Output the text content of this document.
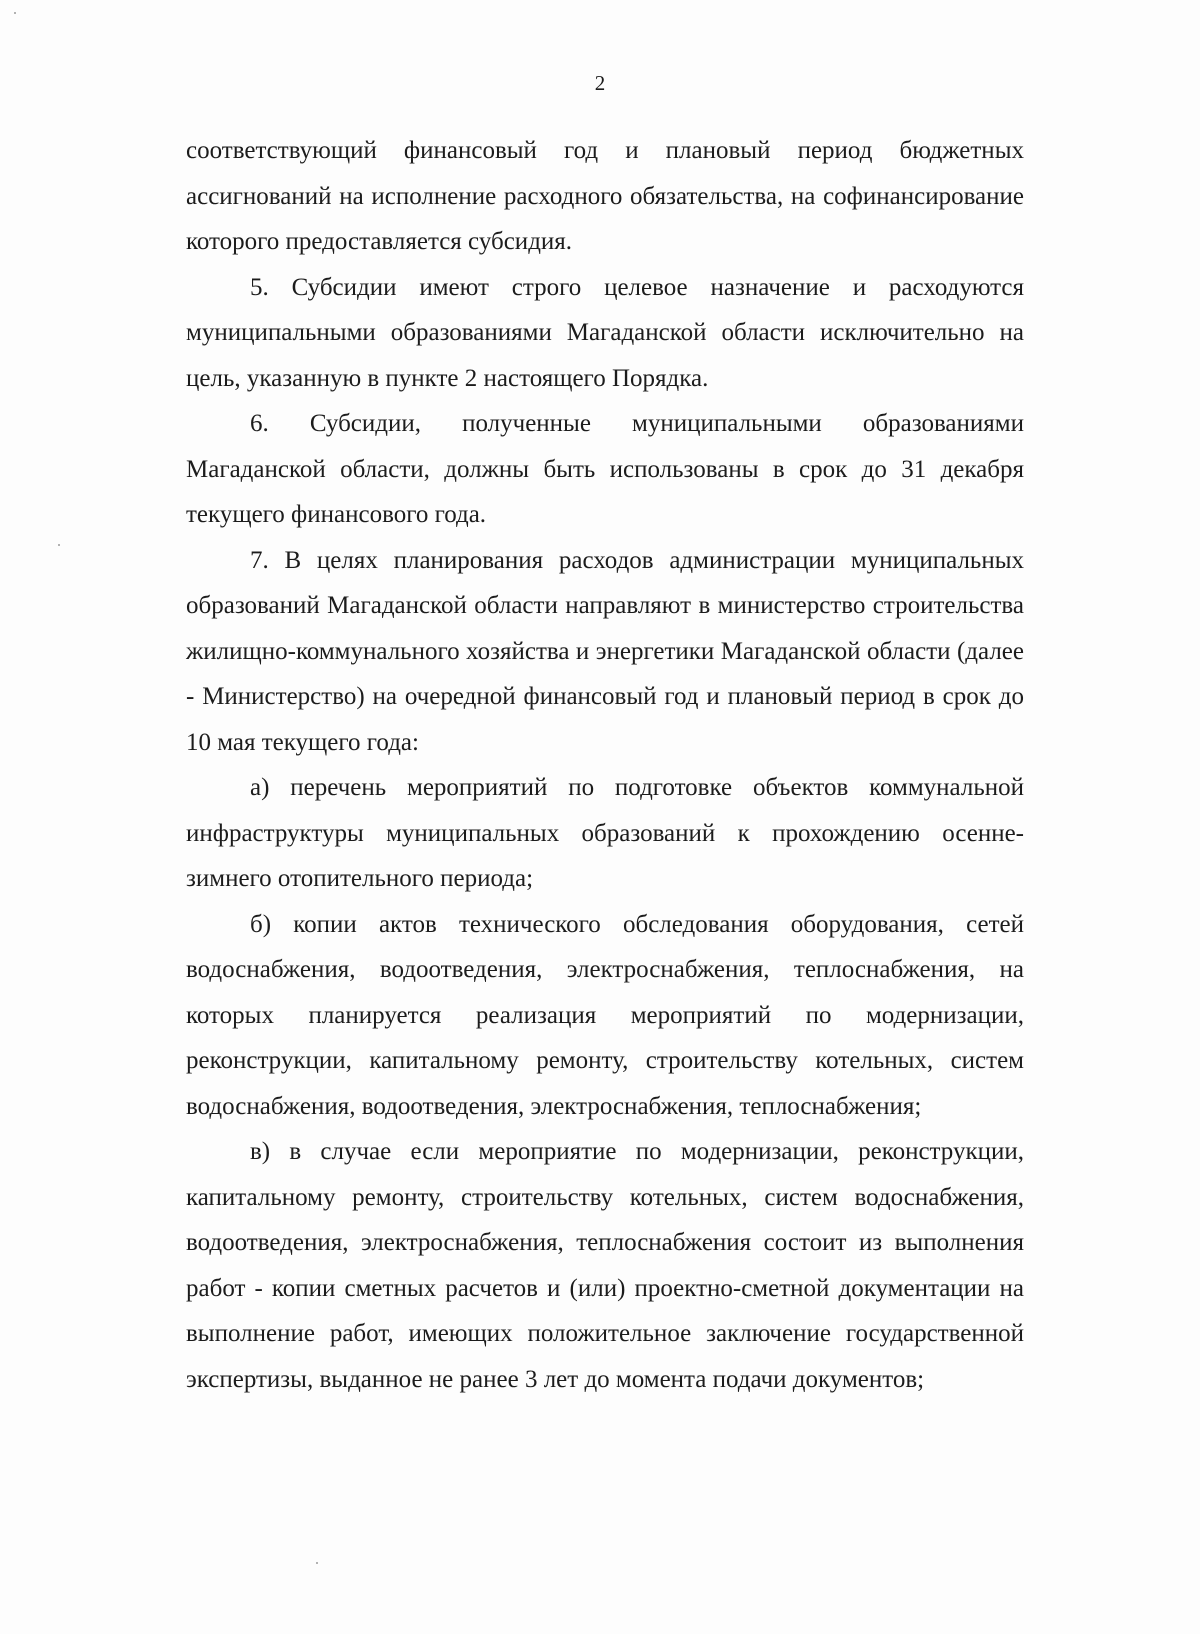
2

соответствующий финансовый год и плановый период бюджетных ассигнований на исполнение расходного обязательства, на софинансирование которого предоставляется субсидия.

5. Субсидии имеют строго целевое назначение и расходуются муниципальными образованиями Магаданской области исключительно на цель, указанную в пункте 2 настоящего Порядка.

6. Субсидии, полученные муниципальными образованиями Магаданской области, должны быть использованы в срок до 31 декабря текущего финансового года.

7. В целях планирования расходов администрации муниципальных образований Магаданской области направляют в министерство строительства жилищно-коммунального хозяйства и энергетики Магаданской области (далее - Министерство) на очередной финансовый год и плановый период в срок до 10 мая текущего года:

а) перечень мероприятий по подготовке объектов коммунальной инфраструктуры муниципальных образований к прохождению осенне-зимнего отопительного периода;

б) копии актов технического обследования оборудования, сетей водоснабжения, водоотведения, электроснабжения, теплоснабжения, на которых планируется реализация мероприятий по модернизации, реконструкции, капитальному ремонту, строительству котельных, систем водоснабжения, водоотведения, электроснабжения, теплоснабжения;

в) в случае если мероприятие по модернизации, реконструкции, капитальному ремонту, строительству котельных, систем водоснабжения, водоотведения, электроснабжения, теплоснабжения состоит из выполнения работ - копии сметных расчетов и (или) проектно-сметной документации на выполнение работ, имеющих положительное заключение государственной экспертизы, выданное не ранее 3 лет до момента подачи документов;
